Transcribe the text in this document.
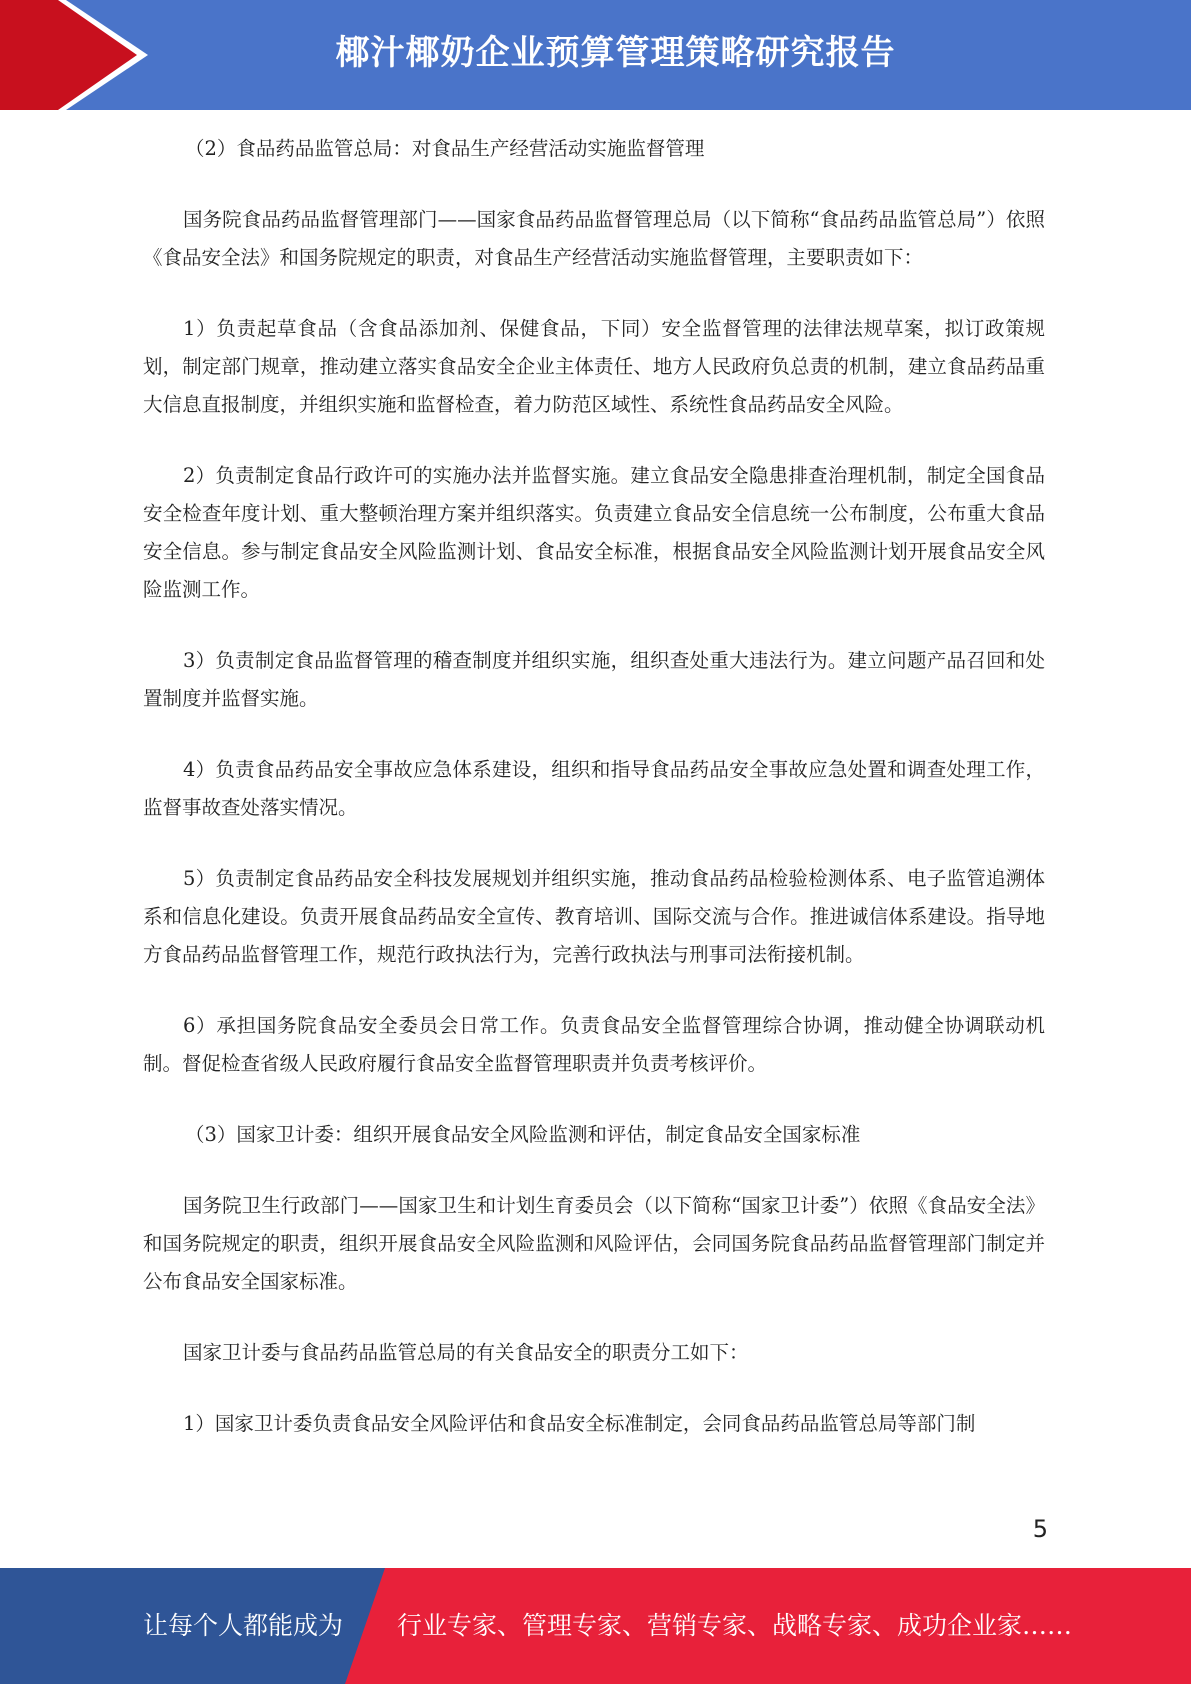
椰汁椰奶企业预算管理策略研究报告

（2）食品药品监管总局：对食品生产经营活动实施监督管理

国务院食品药品监督管理部门——国家食品药品监督管理总局（以下简称“食品药品监管总局”）依照《食品安全法》和国务院规定的职责，对食品生产经营活动实施监督管理，主要职责如下：

1）负责起草食品（含食品添加剂、保健食品，下同）安全监督管理的法律法规草案，拟订政策规划，制定部门规章，推动建立落实食品安全企业主体责任、地方人民政府负总责的机制，建立食品药品重大信息直报制度，并组织实施和监督检查，着力防范区域性、系统性食品药品安全风险。

2）负责制定食品行政许可的实施办法并监督实施。建立食品安全隐患排查治理机制，制定全国食品安全检查年度计划、重大整顿治理方案并组织落实。负责建立食品安全信息统一公布制度，公布重大食品安全信息。参与制定食品安全风险监测计划、食品安全标准，根据食品安全风险监测计划开展食品安全风险监测工作。

3）负责制定食品监督管理的稽查制度并组织实施，组织查处重大违法行为。建立问题产品召回和处置制度并监督实施。

4）负责食品药品安全事故应急体系建设，组织和指导食品药品安全事故应急处置和调查处理工作，监督事故查处落实情况。

5）负责制定食品药品安全科技发展规划并组织实施，推动食品药品检验检测体系、电子监管追溯体系和信息化建设。负责开展食品药品安全宣传、教育培训、国际交流与合作。推进诚信体系建设。指导地方食品药品监督管理工作，规范行政执法行为，完善行政执法与刑事司法衔接机制。

6）承担国务院食品安全委员会日常工作。负责食品安全监督管理综合协调，推动健全协调联动机制。督促检查省级人民政府履行食品安全监督管理职责并负责考核评价。

（3）国家卫计委：组织开展食品安全风险监测和评估，制定食品安全国家标准

国务院卫生行政部门——国家卫生和计划生育委员会（以下简称“国家卫计委”）依照《食品安全法》和国务院规定的职责，组织开展食品安全风险监测和风险评估，会同国务院食品药品监督管理部门制定并公布食品安全国家标准。

国家卫计委与食品药品监管总局的有关食品安全的职责分工如下：

1）国家卫计委负责食品安全风险评估和食品安全标准制定，会同食品药品监管总局等部门制

5
让每个人都能成为 行业专家、管理专家、营销专家、战略专家、成功企业家……
